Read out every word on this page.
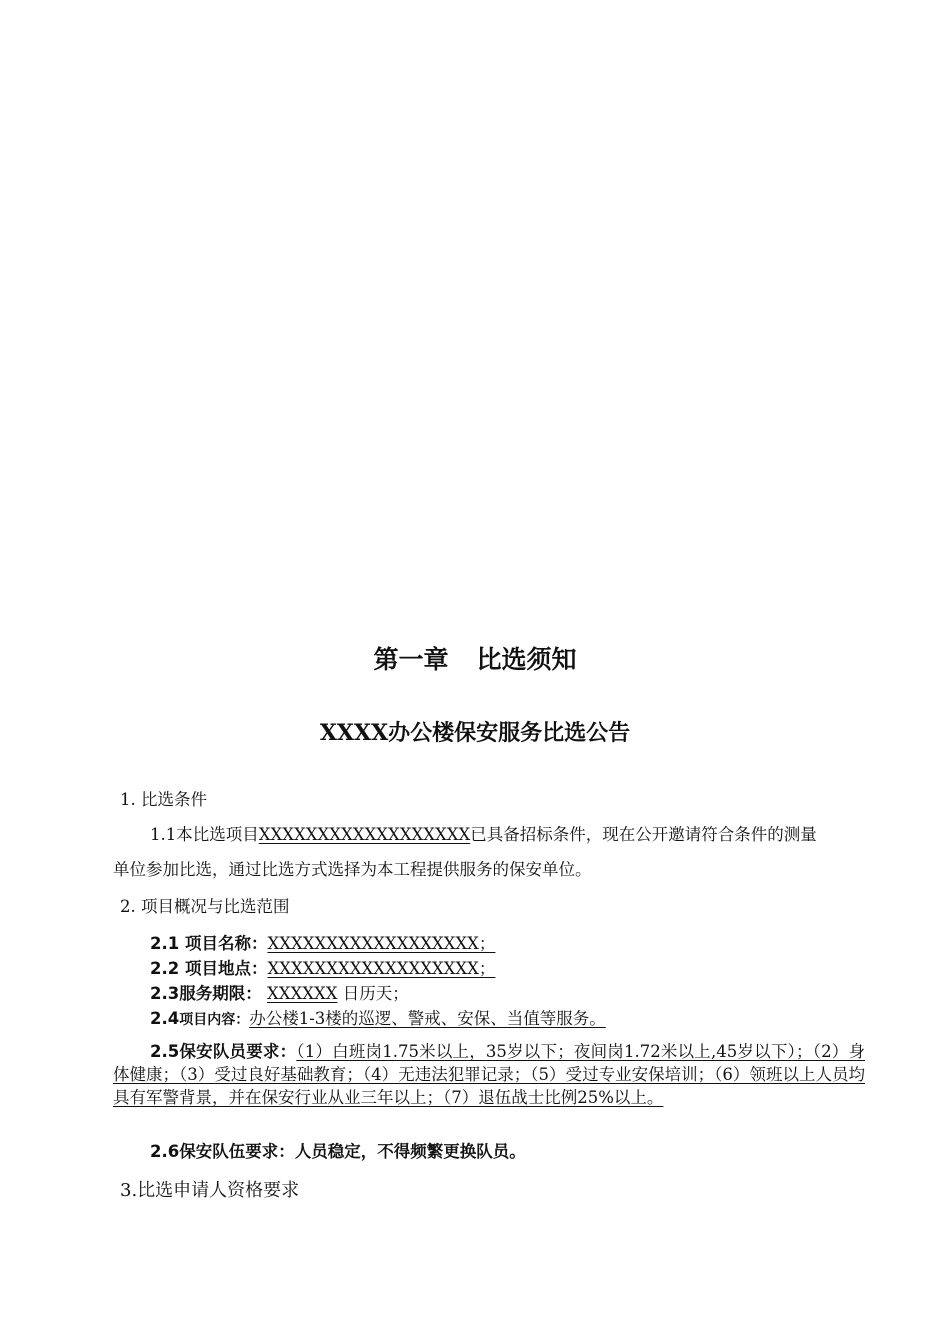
第一章 比选须知
XXXX办公楼保安服务比选公告
1. 比选条件
1.1本比选项目XXXXXXXXXXXXXXXXXX已具备招标条件，现在公开邀请符合条件的测量
单位参加比选，通过比选方式选择为本工程提供服务的保安单位。
2. 项目概况与比选范围
2.1 项目名称：XXXXXXXXXXXXXXXXXX；
2.2 项目地点：XXXXXXXXXXXXXXXXXX；
2.3服务期限： XXXXXX 日历天；
2.4项目内容：办公楼1-3楼的巡逻、警戒、安保、当值等服务。
2.5保安队员要求：（1）白班岗1.75米以上，35岁以下；夜间岗1.72米以上,45岁以下）；（2）身体健康；（3）受过良好基础教育；（4）无违法犯罪记录；（5）受过专业安保培训；（6）领班以上人员均具有军警背景，并在保安行业从业三年以上；（7）退伍战士比例25%以上。
2.6保安队伍要求：人员稳定，不得频繁更换队员。
3.比选申请人资格要求
